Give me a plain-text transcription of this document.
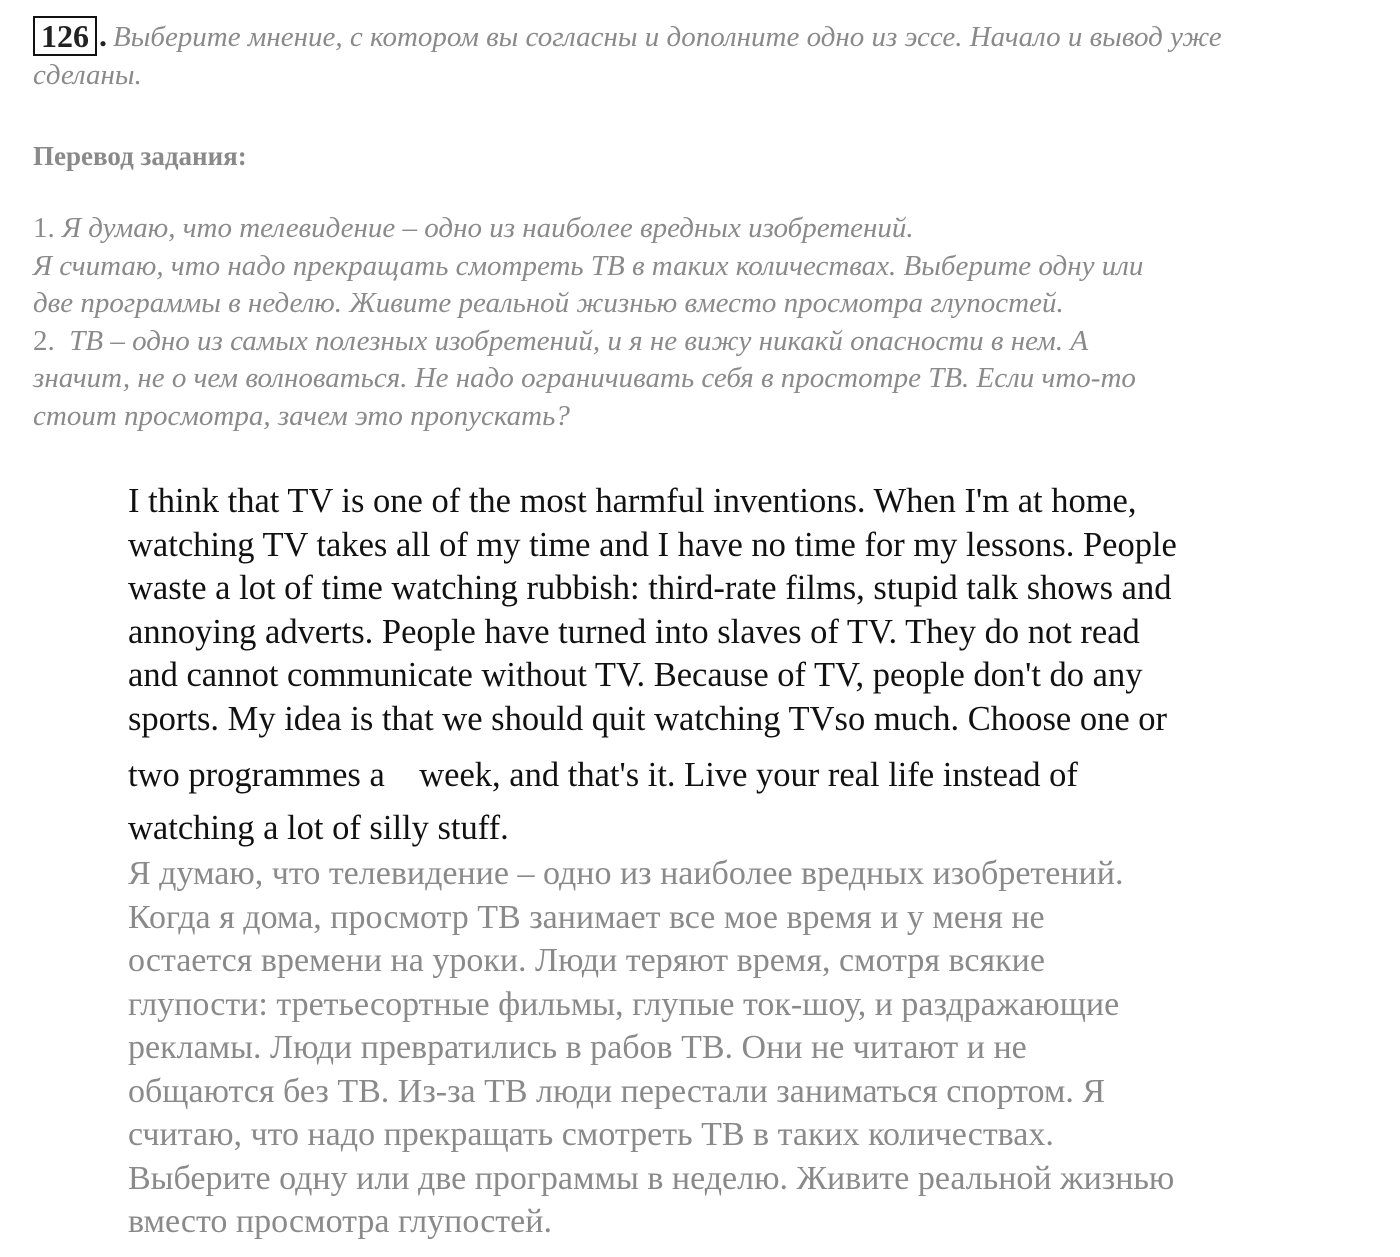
126 . Выберите мнение, с котором вы согласны и дополните одно из эссе. Начало и вывод уже сделаны.
Перевод задания:
1. Я думаю, что телевидение – одно из наиболее вредных изобретений.
Я считаю, что надо прекращать смотреть ТВ в таких количествах. Выберите одну или
две программы в неделю. Живите реальной жизнью вместо просмотра глупостей.
2. ТВ – одно из самых полезных изобретений, и я не вижу никакй опасности в нем. А
значит, не о чем волноваться. Не надо ограничивать себя в простотре ТВ. Если что-то
стоит просмотра, зачем это пропускать?
I think that TV is one of the most harmful inventions. When I'm at home,
watching TV takes all of my time and I have no time for my lessons. People
waste a lot of time watching rubbish: third-rate films, stupid talk shows and
annoying adverts. People have turned into slaves of TV. They do not read
and cannot communicate without TV. Because of TV, people don't do any
sports. My idea is that we should quit watching TVso much. Choose one or
two programmes a    week, and that's it. Live your real life instead of
watching a lot of silly stuff.
Я думаю, что телевидение – одно из наиболее вредных изобретений.
Когда я дома, просмотр ТВ занимает все мое время и у меня не
остается времени на уроки. Люди теряют время, смотря всякие
глупости: третьесортные фильмы, глупые ток-шоу, и раздражающие
рекламы. Люди превратились в рабов ТВ. Они не читают и не
общаются без ТВ. Из-за ТВ люди перестали заниматься спортом. Я
считаю, что надо прекращать смотреть ТВ в таких количествах.
Выберите одну или две программы в неделю. Живите реальной жизнью
вместо просмотра глупостей.
